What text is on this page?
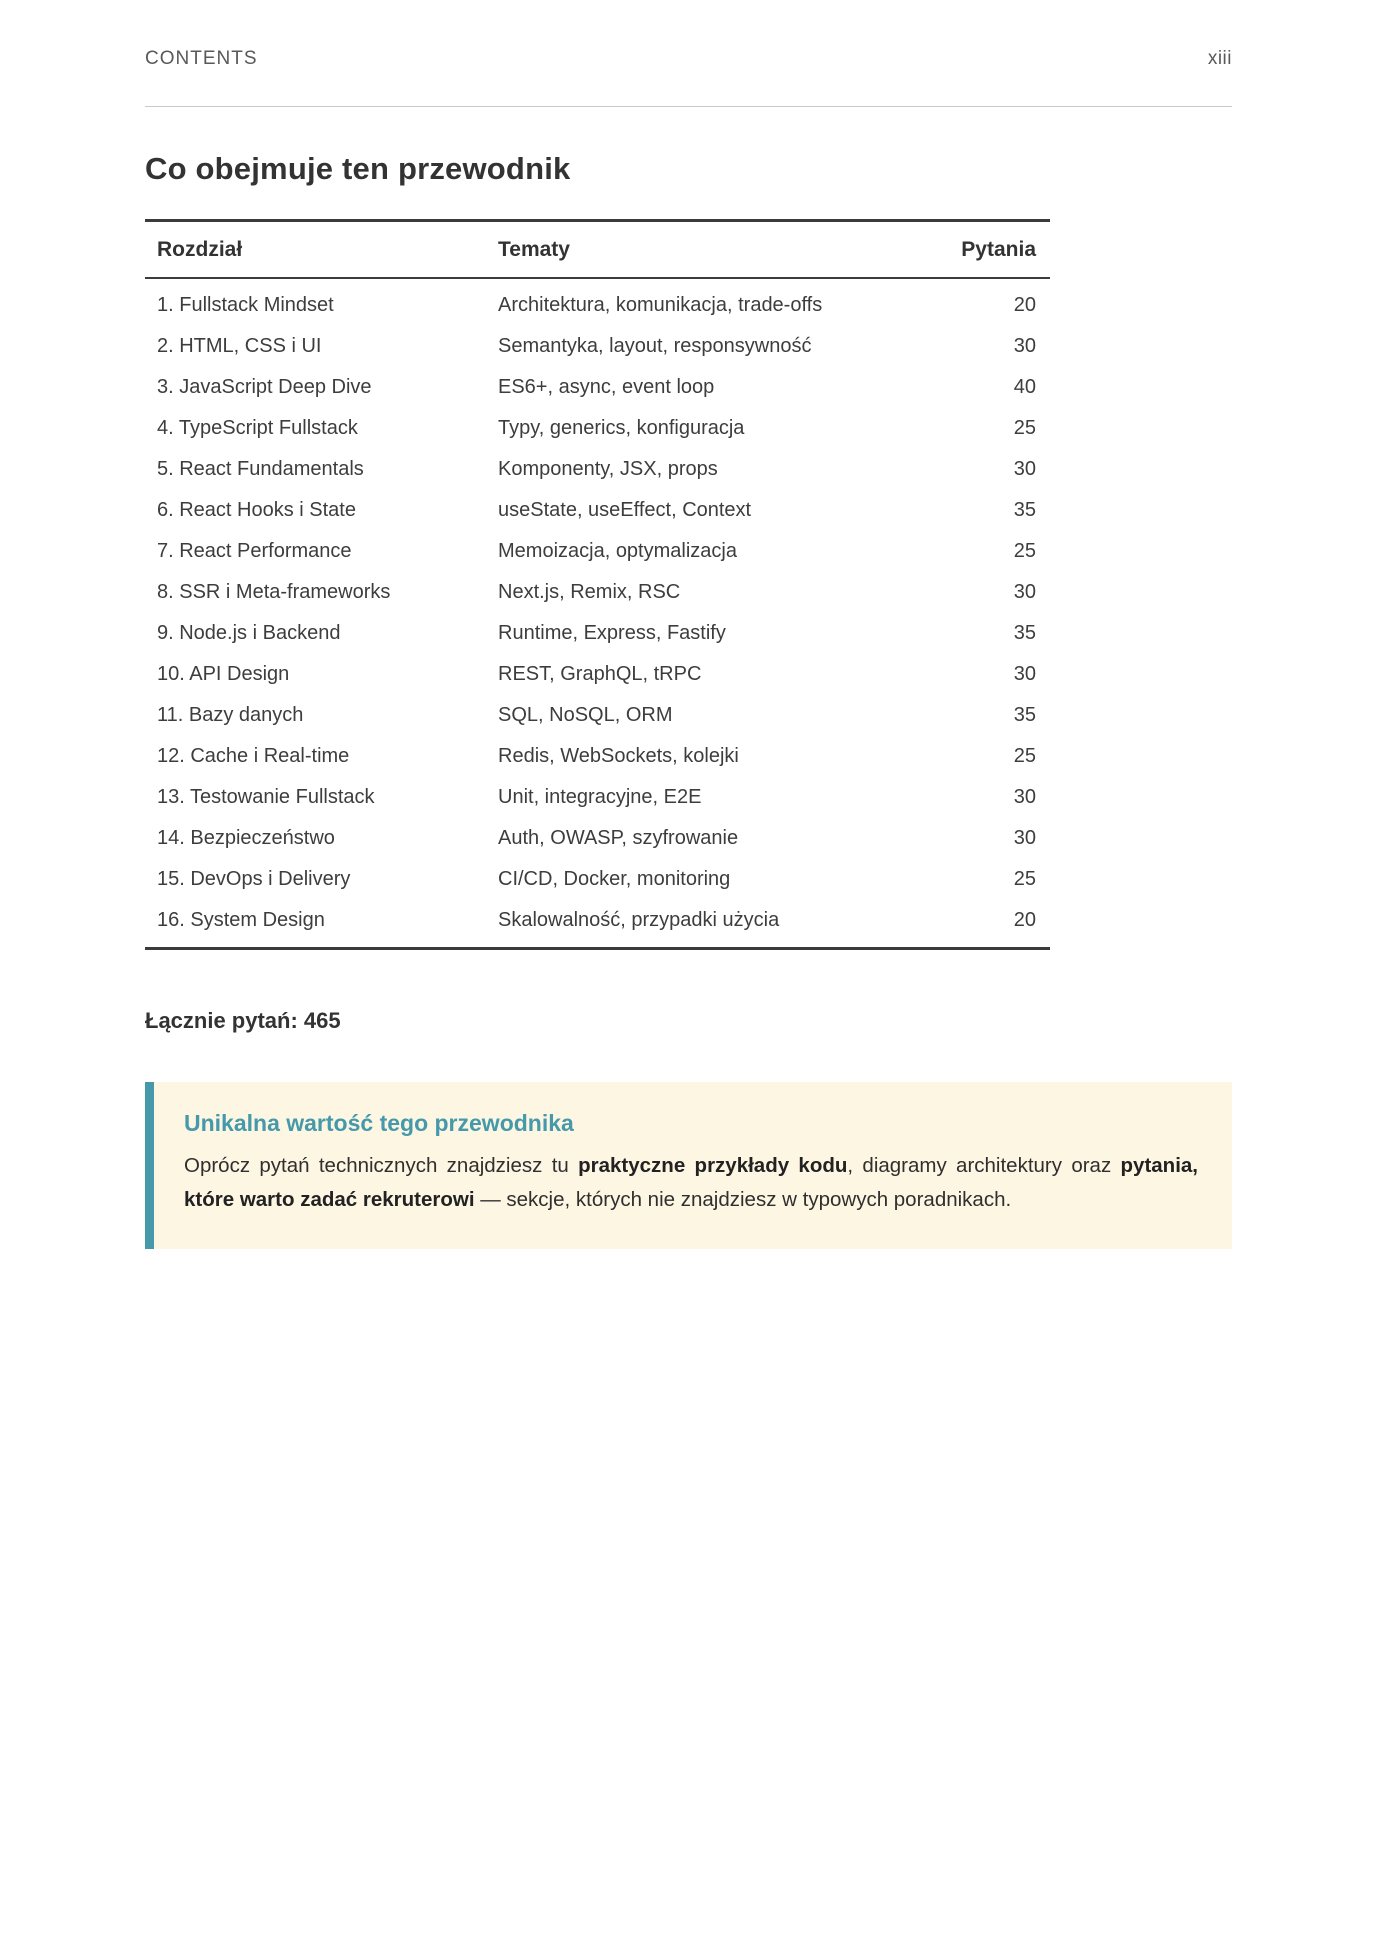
CONTENTS	xiii
Co obejmuje ten przewodnik
Rozdział	Tematy	Pytania
1. Fullstack Mindset	Architektura, komunikacja, trade-offs	20
2. HTML, CSS i UI	Semantyka, layout, responsywność	30
3. JavaScript Deep Dive	ES6+, async, event loop	40
4. TypeScript Fullstack	Typy, generics, konfiguracja	25
5. React Fundamentals	Komponenty, JSX, props	30
6. React Hooks i State	useState, useEffect, Context	35
7. React Performance	Memoizacja, optymalizacja	25
8. SSR i Meta-frameworks	Next.js, Remix, RSC	30
9. Node.js i Backend	Runtime, Express, Fastify	35
10. API Design	REST, GraphQL, tRPC	30
11. Bazy danych	SQL, NoSQL, ORM	35
12. Cache i Real-time	Redis, WebSockets, kolejki	25
13. Testowanie Fullstack	Unit, integracyjne, E2E	30
14. Bezpieczeństwo	Auth, OWASP, szyfrowanie	30
15. DevOps i Delivery	CI/CD, Docker, monitoring	25
16. System Design	Skalowalność, przypadki użycia	20

Łącznie pytań: 465

Unikalna wartość tego przewodnika

Oprócz pytań technicznych znajdziesz tu praktyczne przykłady kodu, diagramy architektury oraz pytania, które warto zadać rekruterowi — sekcje, których nie znajdziesz w typowych poradnikach.
